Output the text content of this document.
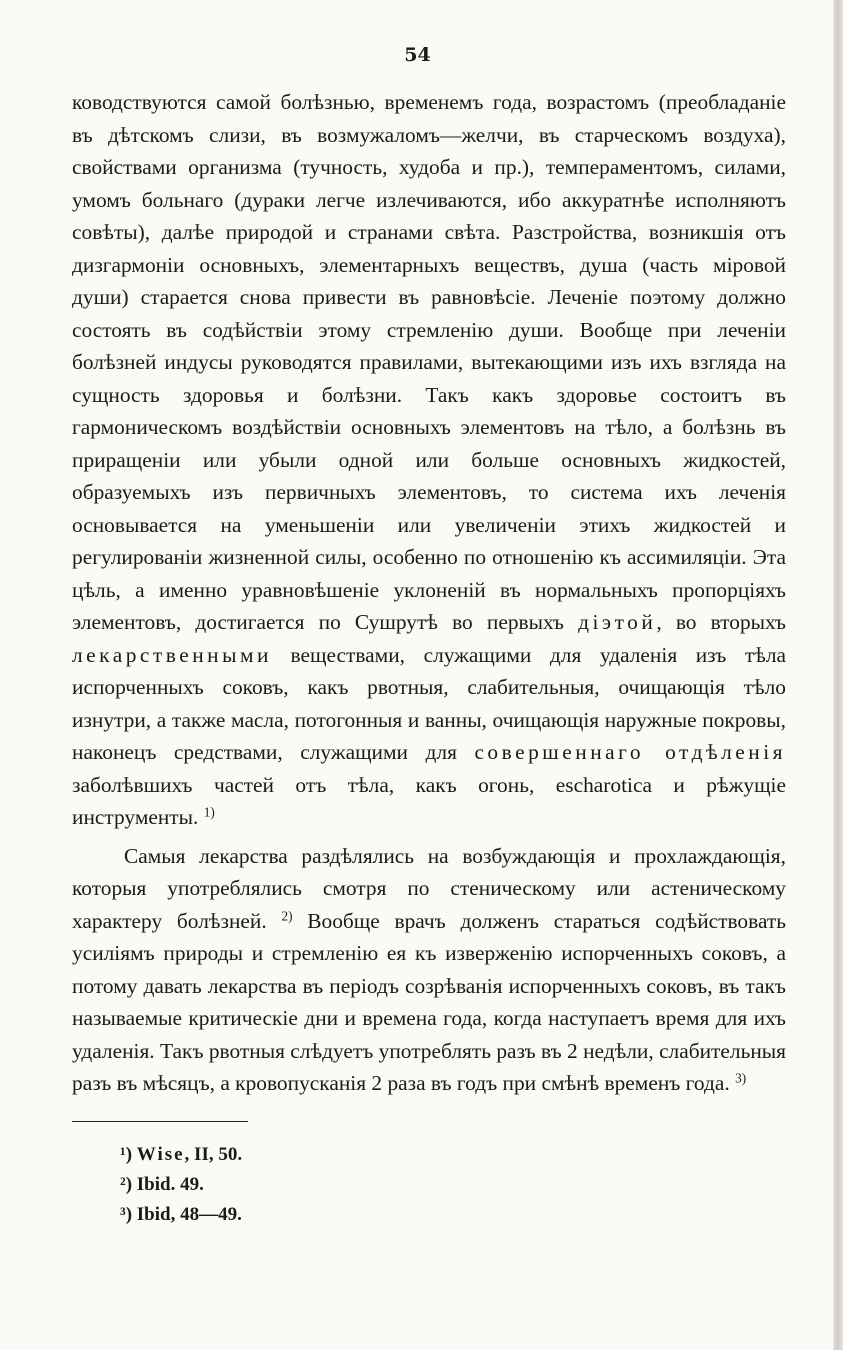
54

ководствуются самой болѣзнью, временемъ года, возрастомъ (преобладаніе въ дѣтскомъ слизи, въ возмужаломъ—желчи, въ старческомъ воздуха), свойствами организма (тучность, худоба и пр.), темпераментомъ, силами, умомъ больнаго (дураки легче излечиваются, ибо аккуратнѣе исполняютъ совѣты), далѣе природой и странами свѣта. Разстройства, возникшія отъ дизгармоніи основныхъ, элементарныхъ веществъ, душа (часть міровой души) старается снова привести въ равновѣсіе. Леченіе поэтому должно состоять въ содѣйствіи этому стремленію души. Вообще при леченіи болѣзней индусы руководятся правилами, вытекающими изъ ихъ взгляда на сущность здоровья и болѣзни. Такъ какъ здоровье состоитъ въ гармоническомъ воздѣйствіи основныхъ элементовъ на тѣло, а болѣзнь въ приращеніи или убыли одной или больше основныхъ жидкостей, образуемыхъ изъ первичныхъ элементовъ, то система ихъ леченія основывается на уменьшеніи или увеличеніи этихъ жидкостей и регулированіи жизненной силы, особенно по отношенію къ ассимиляціи. Эта цѣль, а именно уравновѣшеніе уклоненій въ нормальныхъ пропорціяхъ элементовъ, достигается по Сушрутѣ во первыхъ діэтой, во вторыхъ лекарственными веществами, служащими для удаленія изъ тѣла испорченныхъ соковъ, какъ рвотныя, слабительныя, очищающія тѣло изнутри, а также масла, потогонныя и ванны, очищающія наружные покровы, наконецъ средствами, служащими для совершеннаго отдѣленія заболѣвшихъ частей отъ тѣла, какъ огонь, escharotica и рѣжущіе инструменты. $^{1)}$

Самыя лекарства раздѣлялись на возбуждающія и прохлаждающія, которыя употреблялись смотря по стеническому или астеническому характеру болѣзней. $^{2)}$ Вообще врачъ долженъ стараться содѣйствовать усиліямъ природы и стремленію ея къ изверженію испорченныхъ соковъ, а потому давать лекарства въ періодъ созрѣванія испорченныхъ соковъ, въ такъ называемые критическіе дни и времена года, когда наступаетъ время для ихъ удаленія. Такъ рвотныя слѣдуетъ употреблять разъ въ 2 недѣли, слабительныя разъ въ мѣсяцъ, а кровопусканія 2 раза въ годъ при смѣнѣ временъ года. $^{3)}$

¹) Wise, II, 50.
²) Ibid. 49.
³) Ibid, 48—49.
